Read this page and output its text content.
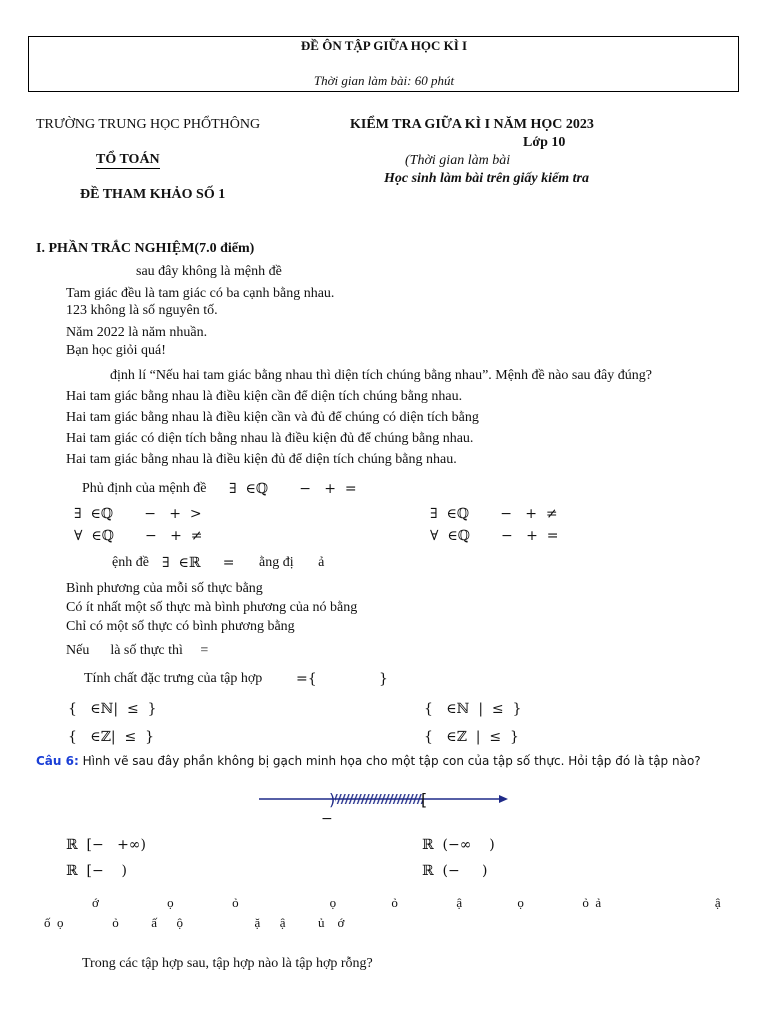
ĐỀ ÔN TẬP GIỮA HỌC KÌ I
Thời gian làm bài: 60 phút
TRƯỜNG TRUNG HỌC PHỔTHÔNG
TỔ TOÁN
ĐỀ THAM KHẢO SỐ 1
KIỂM TRA GIỮA KÌ I NĂM HỌC 2023
Lớp 10
(Thời gian làm bài
Học sinh làm bài trên giấy kiểm tra
I. PHẦN TRẮC NGHIỆM(7.0 điểm)
sau đây không là mệnh đề
Tam giác đều là tam giác có ba cạnh bằng nhau.
123 không là số nguyên tố.
Năm 2022 là năm nhuần.
Bạn học giỏi quá!
định lí “Nếu hai tam giác bằng nhau thì diện tích chúng bằng nhau”. Mệnh đề nào sau đây đúng?
Hai tam giác bằng nhau là điều kiện cần để diện tích chúng bằng nhau.
Hai tam giác bằng nhau là điều kiện cần và đủ để chúng có diện tích bằng
Hai tam giác có diện tích bằng nhau là điều kiện đủ để chúng bằng nhau.
Hai tam giác bằng nhau là điều kiện đủ để diện tích chúng bằng nhau.
Phủ định của mệnh đề ∃  ∈ℚ       −   +  =
∃  ∈ℚ       −   +  >	∃  ∈ℚ       −   +  ≠
∀  ∈ℚ       −   +  ≠	∀  ∈ℚ       −   +  =
ệnh đề ∃  ∈ℝ     = ằng đị       ả
Bình phương của mỗi số thực bằng
Có ít nhất một số thực mà bình phương của nó bằng
Chỉ có một số thực có bình phương bằng
Nếu      là số thực thì     =
Tính chất đặc trưng của tập hợp ={              }
{   ∈ℕ|  ≤  }	{   ∈ℕ  |  ≤  }
{   ∈ℤ|  ≤  }	{   ∈ℤ  |  ≤  }
Câu 6: Hình vẽ sau đây phần không bị gạch minh họa cho một tập con của tập số thực. Hỏi tập đó là tập nào?
)	[
−
ℝ  [−   +∞)	ℝ  (−∞    )
ℝ  [−    )	ℝ  (−     )
ớ                     ọ                  ỏ                            ọ                 ỏ                  ậ                 ọ                  ỏ  ả                                   ậ
ố  ọ               ỏ          ấ      ộ                      ặ      ậ          ủ    ớ
Trong các tập hợp sau, tập hợp nào là tập hợp rỗng?
